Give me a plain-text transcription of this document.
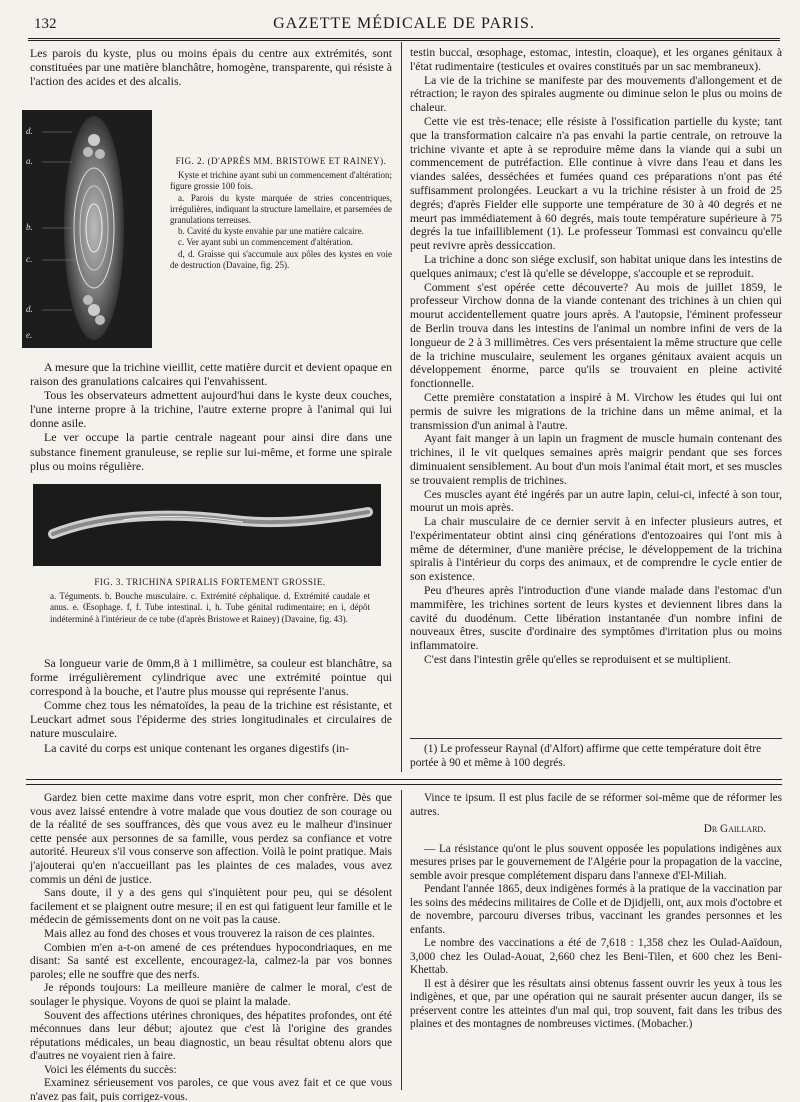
132	GAZETTE MÉDICALE DE PARIS.

Les parois du kyste, plus ou moins épais du centre aux extrémités, sont constituées par une matière blanchâtre, homogène, transparente, qui résiste à l'action des acides et des alcalis.

d.
a.
b.
c.
d.
e.
FIG. 2. (D'APRÈS MM. BRISTOWE ET RAINEY).

Kyste et trichine ayant subi un commencement d'altération; figure grossie 100 fois.

a. Parois du kyste marquée de stries concentriques, irrégulières, indiquant la structure lamellaire, et parsemées de granulations terreuses.

b. Cavité du kyste envahie par une matière calcaire.

c. Ver ayant subi un commencement d'altération.

d, d. Graisse qui s'accumule aux pôles des kystes en voie de destruction (Davaine, fig. 25).

A mesure que la trichine vieillit, cette matière durcit et devient opaque en raison des granulations calcaires qui l'envahissent.

Tous les observateurs admettent aujourd'hui dans le kyste deux couches, l'une interne propre à la trichine, l'autre externe propre à l'animal qui lui donne asile.

Le ver occupe la partie centrale nageant pour ainsi dire dans une substance finement granuleuse, se replie sur lui-même, et forme une spirale plus ou moins régulière.

FIG. 3. TRICHINA SPIRALIS FORTEMENT GROSSIE.
a. Téguments. b. Bouche musculaire. c. Extrémité céphalique. d. Extrémité caudale et anus. e. Œsophage. f, f. Tube intestinal. i, h. Tube génital rudimentaire; en i, dépôt indéterminé à l'intérieur de ce tube (d'après Bristowe et Rainey) (Davaine, fig. 43).

Sa longueur varie de 0mm,8 à 1 millimètre, sa couleur est blanchâtre, sa forme irrégulièrement cylindrique avec une extrémité pointue qui correspond à la bouche, et l'autre plus mousse qui représente l'anus.

Comme chez tous les nématoïdes, la peau de la trichine est résistante, et Leuckart admet sous l'épiderme des stries longitudinales et circulaires de nature musculaire.

La cavité du corps est unique contenant les organes digestifs (in-

testin buccal, œsophage, estomac, intestin, cloaque), et les organes génitaux à l'état rudimentaire (testicules et ovaires constitués par un sac membraneux).

La vie de la trichine se manifeste par des mouvements d'allongement et de rétraction; le rayon des spirales augmente ou diminue selon le plus ou moins de chaleur.

Cette vie est très-tenace; elle résiste à l'ossification partielle du kyste; tant que la transformation calcaire n'a pas envahi la partie centrale, on retrouve la trichine vivante et apte à se reproduire même dans la viande qui a subi un commencement de putréfaction. Elle continue à vivre dans l'eau et dans les viandes salées, desséchées et fumées quand ces préparations n'ont pas été suffisamment prolongées. Leuckart a vu la trichine résister à un froid de 25 degrés; d'après Fielder elle supporte une température de 30 à 40 degrés et ne meurt pas immédiatement à 60 degrés, mais toute température supérieure à 75 degrés la tue infailliblement (1). Le professeur Tommasi est convaincu qu'elle peut revivre après dessiccation.

La trichine a donc son siége exclusif, son habitat unique dans les intestins de quelques animaux; c'est là qu'elle se développe, s'accouple et se reproduit.

Comment s'est opérée cette découverte? Au mois de juillet 1859, le professeur Virchow donna de la viande contenant des trichines à un chien qui mourut accidentellement quatre jours après. A l'autopsie, l'éminent professeur de Berlin trouva dans les intestins de l'animal un nombre infini de vers de la longueur de 2 à 3 millimètres. Ces vers présentaient la même structure que celle de la trichine musculaire, seulement les organes génitaux avaient acquis un développement énorme, parce qu'ils se trouvaient en pleine activité fonctionnelle.

Cette première constatation a inspiré à M. Virchow les études qui lui ont permis de suivre les migrations de la trichine dans un même animal, et la transmission d'un animal à l'autre.

Ayant fait manger à un lapin un fragment de muscle humain contenant des trichines, il le vit quelques semaines après maigrir pendant que ses forces diminuaient sensiblement. Au bout d'un mois l'animal était mort, et ses muscles se trouvaient remplis de trichines.

Ces muscles ayant été ingérés par un autre lapin, celui-ci, infecté à son tour, mourut un mois après.

La chair musculaire de ce dernier servit à en infecter plusieurs autres, et l'expérimentateur obtint ainsi cinq générations d'entozoaires qui l'ont mis à même de déterminer, d'une manière précise, le développement de la trichina spiralis à l'intérieur du corps des animaux, et de comprendre le cycle entier de son existence.

Peu d'heures après l'introduction d'une viande malade dans l'estomac d'un mammifère, les trichines sortent de leurs kystes et deviennent libres dans la cavité du duodénum. Cette libération instantanée d'un nombre infini de nouveaux êtres, suscite d'ordinaire des symptômes d'irritation plus ou moins inflammatoire.

C'est dans l'intestin grêle qu'elles se reproduisent et se multiplient.

(1) Le professeur Raynal (d'Alfort) affirme que cette température doit être portée à 90 et même à 100 degrés.

Gardez bien cette maxime dans votre esprit, mon cher confrère. Dès que vous avez laissé entendre à votre malade que vous doutiez de son courage ou de la réalité de ses souffrances, dès que vous avez eu le malheur d'insinuer cette pensée aux personnes de sa famille, vous perdez sa confiance et votre autorité. Heureux s'il vous conserve son affection. Voilà le point pratique. Mais j'ajouterai qu'en n'accueillant pas les plaintes de ces malades, vous avez commis un déni de justice.

Sans doute, il y a des gens qui s'inquiètent pour peu, qui se désolent facilement et se plaignent outre mesure; il en est qui fatiguent leur famille et le médecin de gémissements dont on ne voit pas la cause.

Mais allez au fond des choses et vous trouverez la raison de ces plaintes.

Combien m'en a-t-on amené de ces prétendues hypocondriaques, en me disant: Sa santé est excellente, encouragez-la, calmez-la par vos bonnes paroles; elle ne souffre que des nerfs.

Je réponds toujours: La meilleure manière de calmer le moral, c'est de soulager le physique. Voyons de quoi se plaint la malade.

Souvent des affections utérines chroniques, des hépatites profondes, ont été méconnues dans leur début; ajoutez que c'est là l'origine des grandes réputations médicales, un beau diagnostic, un beau résultat obtenu alors que d'autres ne voyaient rien à faire.

Voici les éléments du succès:

Examinez sérieusement vos paroles, ce que vous avez fait et ce que vous n'avez pas fait, puis corrigez-vous.

Vince te ipsum. Il est plus facile de se réformer soi-même que de réformer les autres.

Dr Gaillard.

— La résistance qu'ont le plus souvent opposée les populations indigènes aux mesures prises par le gouvernement de l'Algérie pour la propagation de la vaccine, semble avoir presque complétement disparu dans l'annexe d'El-Miliah.

Pendant l'année 1865, deux indigènes formés à la pratique de la vaccination par les soins des médecins militaires de Colle et de Djidjelli, ont, aux mois d'octobre et de novembre, parcouru diverses tribus, vaccinant les grandes personnes et les enfants.

Le nombre des vaccinations a été de 7,618 : 1,358 chez les Oulad-Aaïdoun, 3,000 chez les Oulad-Aouat, 2,660 chez les Beni-Tilen, et 600 chez les Beni-Khettab.

Il est à désirer que les résultats ainsi obtenus fassent ouvrir les yeux à tous les indigènes, et que, par une opération qui ne saurait présenter aucun danger, ils se préservent contre les atteintes d'un mal qui, trop souvent, fait dans les tribus des plaines et des montagnes de nombreuses victimes. (Mobacher.)
